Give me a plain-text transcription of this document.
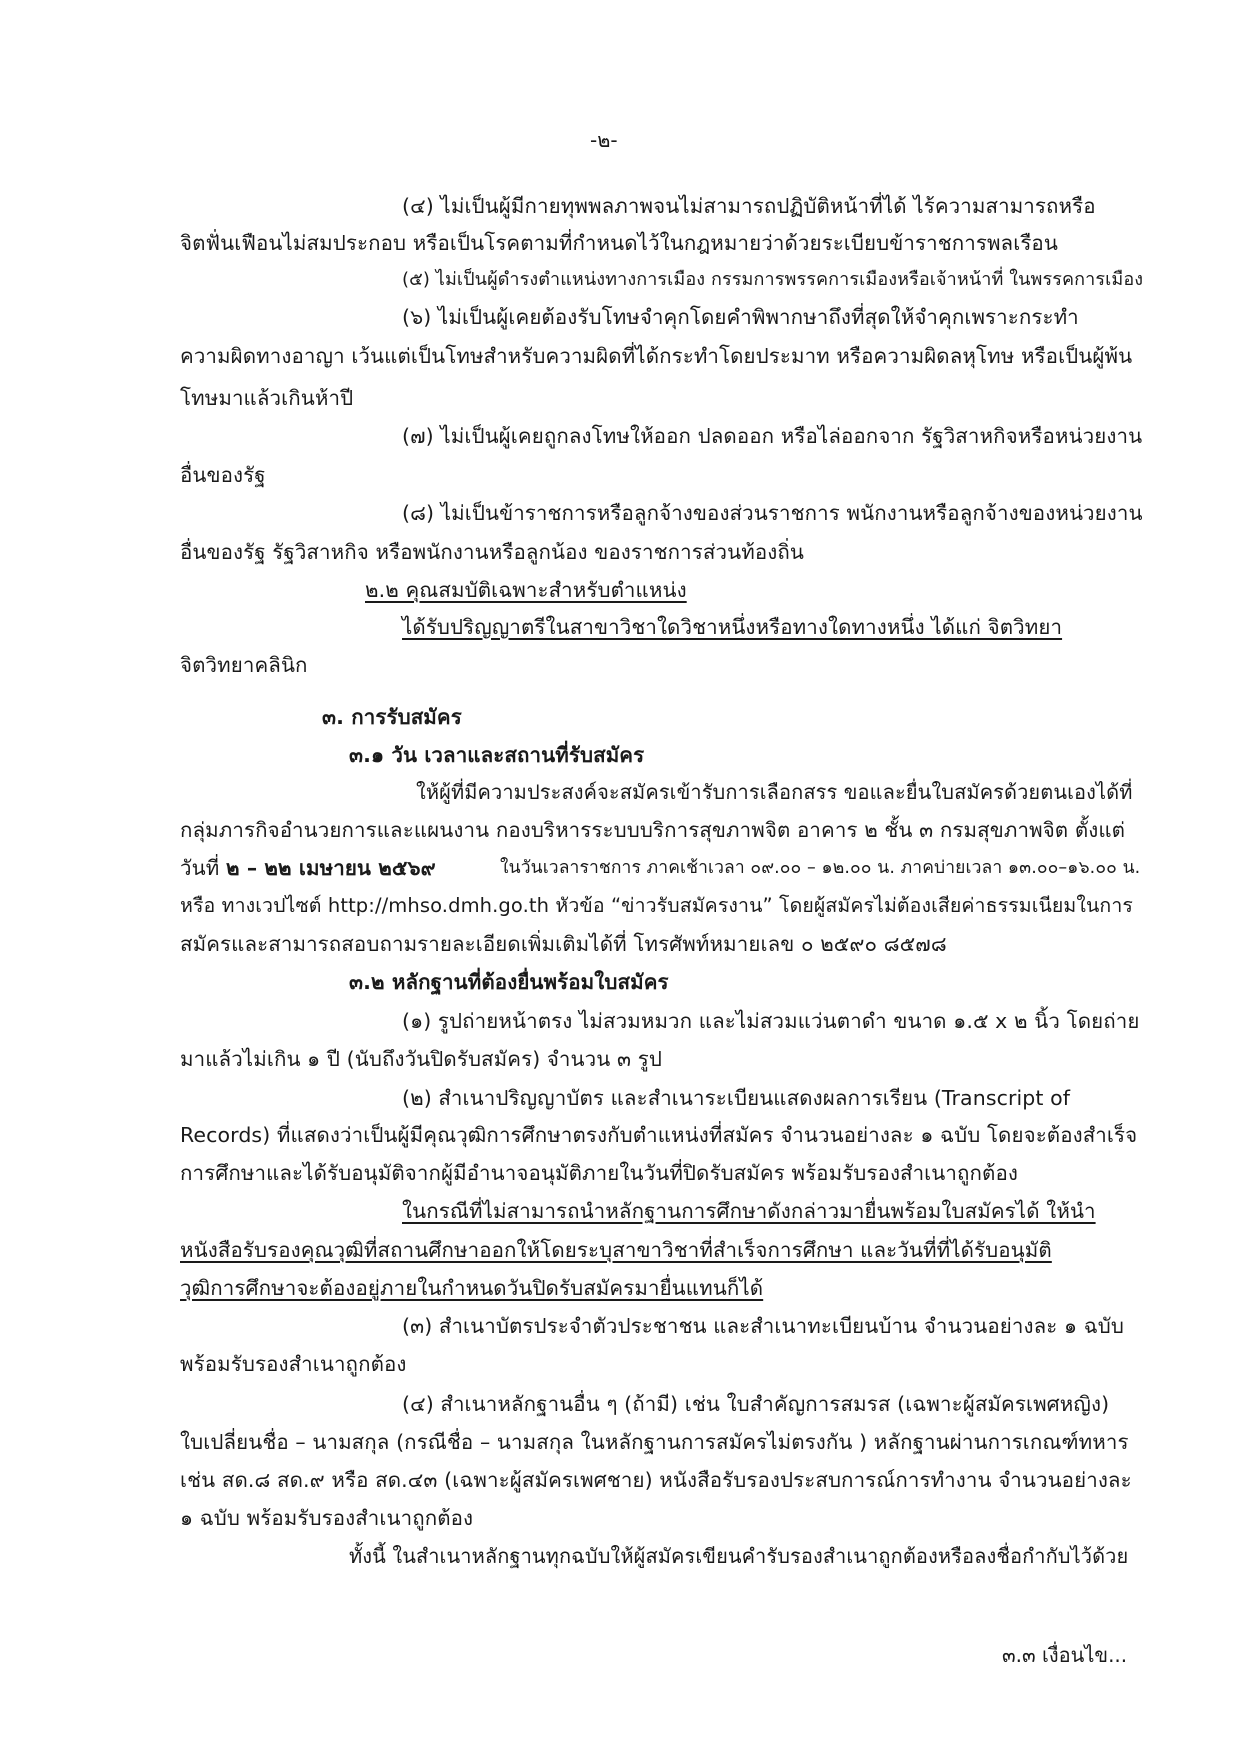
-๒-
(๔) ไม่เป็นผู้มีกายทุพพลภาพจนไม่สามารถปฏิบัติหน้าที่ได้ ไร้ความสามารถหรือ
จิตฟั่นเฟือนไม่สมประกอบ หรือเป็นโรคตามที่กำหนดไว้ในกฎหมายว่าด้วยระเบียบข้าราชการพลเรือน
(๕) ไม่เป็นผู้ดำรงตำแหน่งทางการเมือง กรรมการพรรคการเมืองหรือเจ้าหน้าที่ ในพรรคการเมือง
(๖) ไม่เป็นผู้เคยต้องรับโทษจำคุกโดยคำพิพากษาถึงที่สุดให้จำคุกเพราะกระทำ
ความผิดทางอาญา เว้นแต่เป็นโทษสำหรับความผิดที่ได้กระทำโดยประมาท หรือความผิดลหุโทษ หรือเป็นผู้พ้น
โทษมาแล้วเกินห้าปี
(๗) ไม่เป็นผู้เคยถูกลงโทษให้ออก ปลดออก หรือไล่ออกจาก รัฐวิสาหกิจหรือหน่วยงาน
อื่นของรัฐ
(๘) ไม่เป็นข้าราชการหรือลูกจ้างของส่วนราชการ พนักงานหรือลูกจ้างของหน่วยงาน
อื่นของรัฐ รัฐวิสาหกิจ หรือพนักงานหรือลูกน้อง ของราชการส่วนท้องถิ่น
๒.๒ คุณสมบัติเฉพาะสำหรับตำแหน่ง
ได้รับปริญญาตรีในสาขาวิชาใดวิชาหนึ่งหรือทางใดทางหนึ่ง ได้แก่ จิตวิทยา
จิตวิทยาคลินิก
๓. การรับสมัคร
๓.๑ วัน เวลาและสถานที่รับสมัคร
ให้ผู้ที่มีความประสงค์จะสมัครเข้ารับการเลือกสรร ขอและยื่นใบสมัครด้วยตนเองได้ที่
กลุ่มภารกิจอำนวยการและแผนงาน กองบริหารระบบบริการสุขภาพจิต อาคาร ๒ ชั้น ๓ กรมสุขภาพจิต ตั้งแต่
วันที่ ๒ – ๒๒ เมษายน ๒๕๖๙	ในวันเวลาราชการ ภาคเช้าเวลา ๐๙.๐๐ – ๑๒.๐๐ น. ภาคบ่ายเวลา ๑๓.๐๐–๑๖.๐๐ น.
หรือ ทางเวปไซต์ http://mhso.dmh.go.th หัวข้อ “ข่าวรับสมัครงาน” โดยผู้สมัครไม่ต้องเสียค่าธรรมเนียมในการ
สมัครและสามารถสอบถามรายละเอียดเพิ่มเติมได้ที่ โทรศัพท์หมายเลข ๐ ๒๕๙๐ ๘๕๗๘
๓.๒ หลักฐานที่ต้องยื่นพร้อมใบสมัคร
(๑) รูปถ่ายหน้าตรง ไม่สวมหมวก และไม่สวมแว่นตาดำ ขนาด ๑.๕ x ๒ นิ้ว โดยถ่าย
มาแล้วไม่เกิน ๑ ปี (นับถึงวันปิดรับสมัคร) จำนวน ๓ รูป
(๒) สำเนาปริญญาบัตร และสำเนาระเบียนแสดงผลการเรียน (Transcript of
Records) ที่แสดงว่าเป็นผู้มีคุณวุฒิการศึกษาตรงกับตำแหน่งที่สมัคร จำนวนอย่างละ ๑ ฉบับ โดยจะต้องสำเร็จ
การศึกษาและได้รับอนุมัติจากผู้มีอำนาจอนุมัติภายในวันที่ปิดรับสมัคร พร้อมรับรองสำเนาถูกต้อง
ในกรณีที่ไม่สามารถนำหลักฐานการศึกษาดังกล่าวมายื่นพร้อมใบสมัครได้ ให้นำ
หนังสือรับรองคุณวุฒิที่สถานศึกษาออกให้โดยระบุสาขาวิชาที่สำเร็จการศึกษา และวันที่ที่ได้รับอนุมัติ
วุฒิการศึกษาจะต้องอยู่ภายในกำหนดวันปิดรับสมัครมายื่นแทนก็ได้
(๓) สำเนาบัตรประจำตัวประชาชน และสำเนาทะเบียนบ้าน จำนวนอย่างละ ๑ ฉบับ
พร้อมรับรองสำเนาถูกต้อง
(๔) สำเนาหลักฐานอื่น ๆ (ถ้ามี) เช่น ใบสำคัญการสมรส (เฉพาะผู้สมัครเพศหญิง)
ใบเปลี่ยนชื่อ – นามสกุล (กรณีชื่อ – นามสกุล ในหลักฐานการสมัครไม่ตรงกัน ) หลักฐานผ่านการเกณฑ์ทหาร
เช่น สด.๘ สด.๙ หรือ สด.๔๓ (เฉพาะผู้สมัครเพศชาย) หนังสือรับรองประสบการณ์การทำงาน จำนวนอย่างละ
๑ ฉบับ พร้อมรับรองสำเนาถูกต้อง
ทั้งนี้ ในสำเนาหลักฐานทุกฉบับให้ผู้สมัครเขียนคำรับรองสำเนาถูกต้องหรือลงชื่อกำกับไว้ด้วย
๓.๓ เงื่อนไข...
